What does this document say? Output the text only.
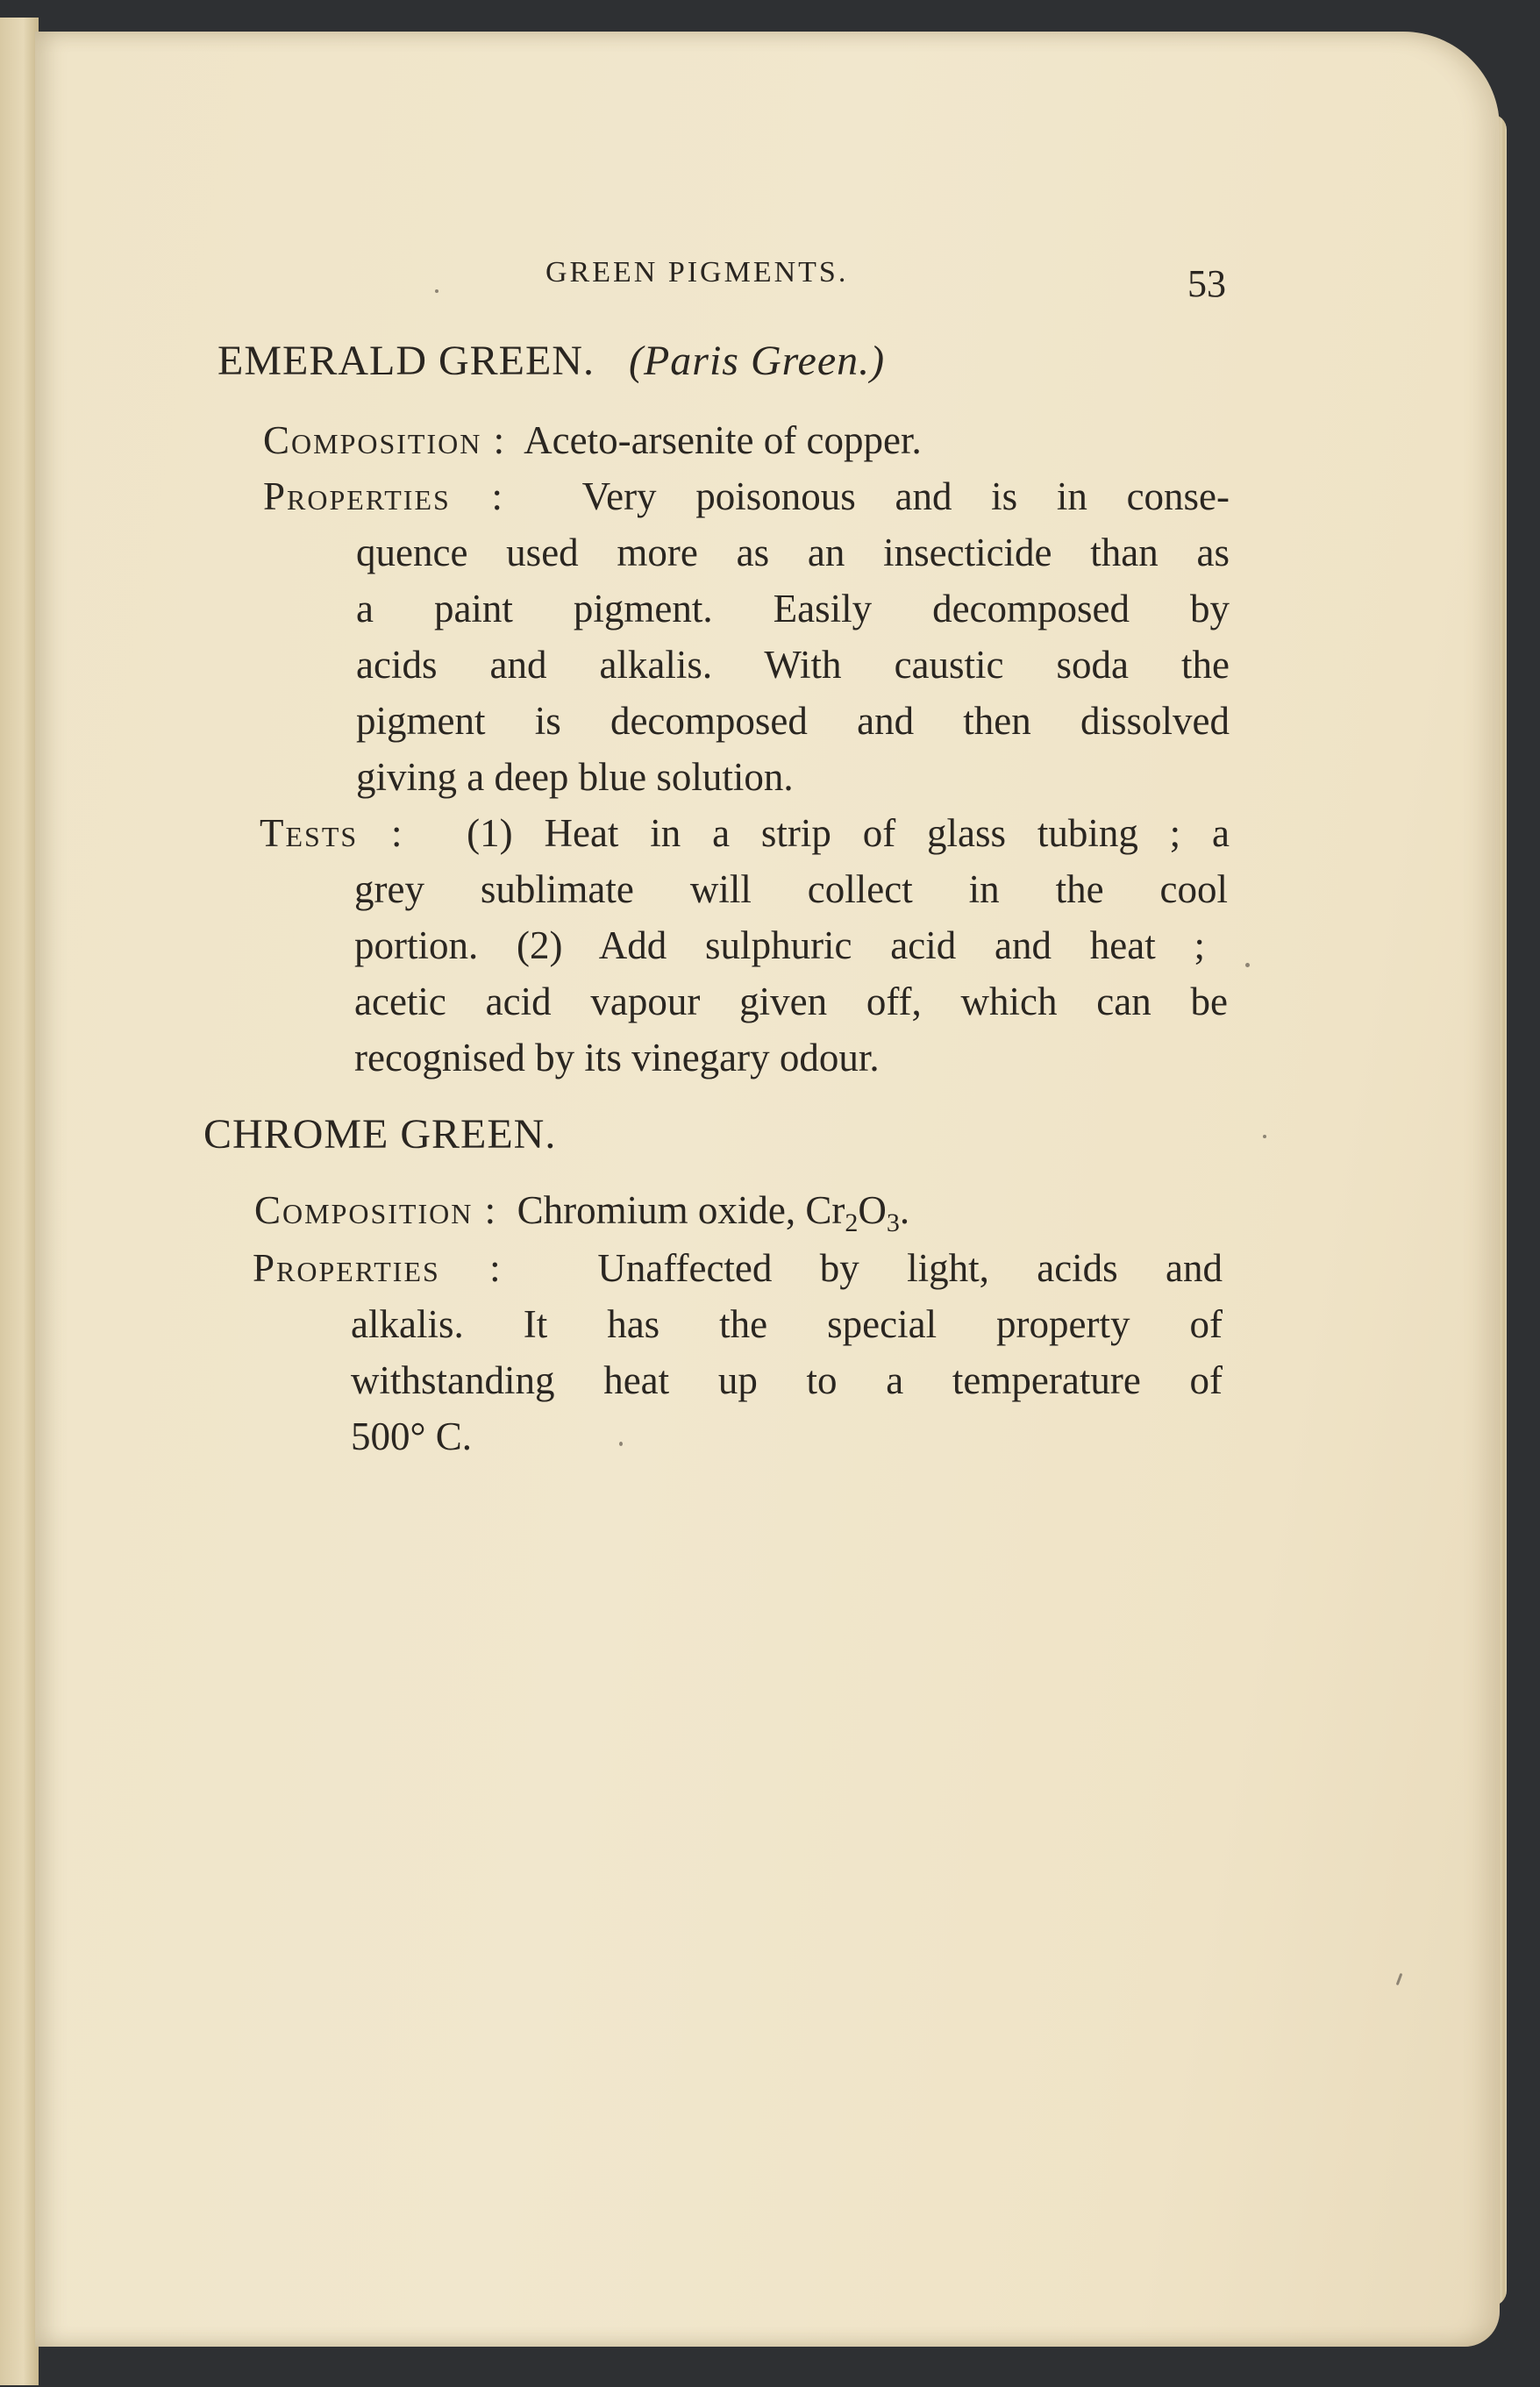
GREEN PIGMENTS.	53
EMERALD GREEN. (Paris Green.)
Composition : Aceto-arsenite of copper.
Properties : Very poisonous and is in conse-
quence used more as an insecticide than as
a paint pigment. Easily decomposed by
acids and alkalis. With caustic soda the
pigment is decomposed and then dissolved
giving a deep blue solution.
Tests : (1) Heat in a strip of glass tubing ; a
grey sublimate will collect in the cool
portion. (2) Add sulphuric acid and heat ;
acetic acid vapour given off, which can be
recognised by its vinegary odour.
CHROME GREEN.
Composition : Chromium oxide, $Cr_2O_3$.
Properties : Unaffected by light, acids and
alkalis. It has the special property of
withstanding heat up to a temperature of
500° C.
